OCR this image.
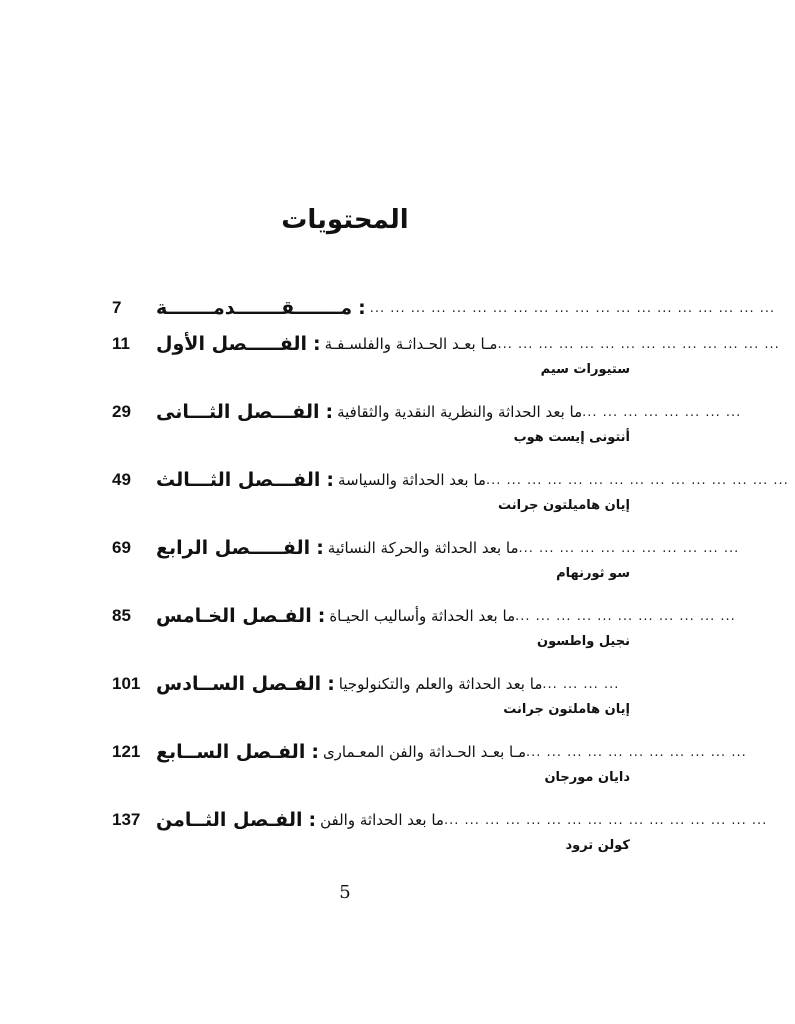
المحتويات
7	مـــــــقـــــــدمـــــــة : ... ... ... ... ... ... ... ... ... ... ... ... ... ... ... ... ... ... ... ...
11	الفـــــصل الأول : مـا بعـد الحـداثـة والفلسـفـة ... ... ... ... ... ... ... ... ... ... ... ... ... ...
ستيورات سيم
29	الفـــصل الثـــانى : ما بعد الحداثة والنظرية النقدية والثقافية ... ... ... ... ... ... ... ...
أنتونى إيست هوب
49	الفـــصل الثـــالث : ما بعد الحداثة والسياسة ... ... ... ... ... ... ... ... ... ... ... ... ... ... ...
إيان هاميلتون جرانت
69	الفـــــصل الرابع : ما بعد الحداثة والحركة النسائية ... ... ... ... ... ... ... ... ... ... ...
سو ثورنهام
85	الفـصل الخـامس : ما بعد الحداثة وأساليب الحيـاة ... ... ... ... ... ... ... ... ... ... ...
نجيل واطسون
101 الفـصل الســادس : ما بعد الحداثة والعلم والتكنولوجيا ... ... ... ...
إيان هاملتون جرانت
121 الفـصل الســابع : مـا بعـد الحـداثة والفن المعـمارى ... ... ... ... ... ... ... ... ... ... ...
دايان مورجان
137 الفـصل الثــامن : ما بعد الحداثة والفن ... ... ... ... ... ... ... ... ... ... ... ... ... ... ... ...
كولن ترود
5
